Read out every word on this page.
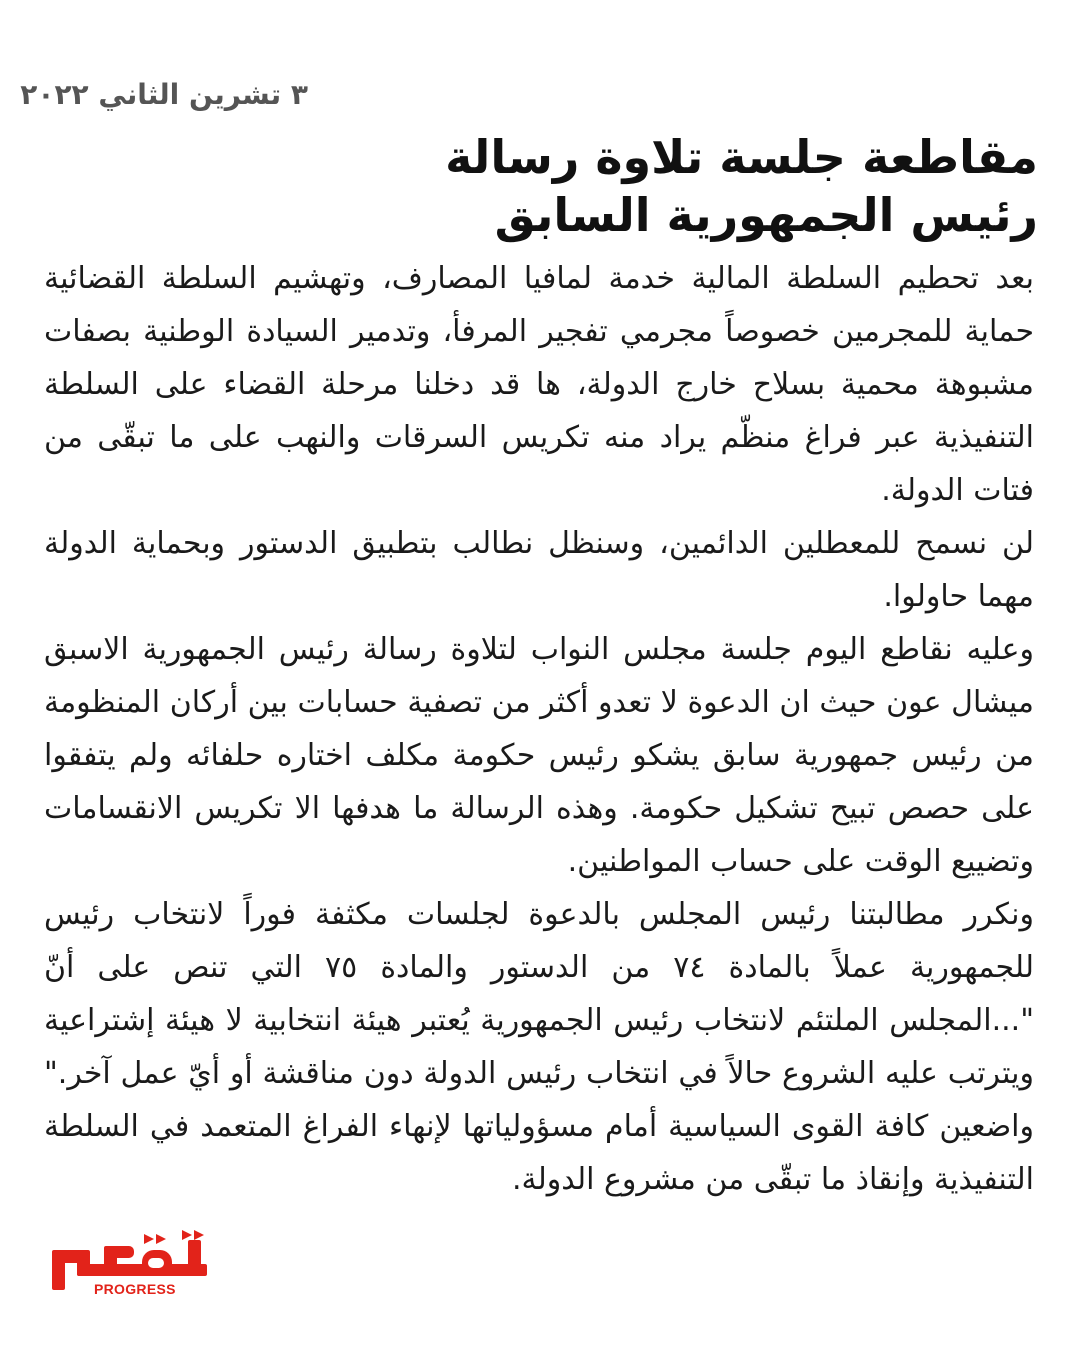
٣ تشرين الثاني ٢٠٢٢
مقاطعة جلسة تلاوة رسالة
رئيس الجمهورية السابق

بعد تحطيم السلطة المالية خدمة لمافيا المصارف، وتهشيم السلطة القضائية حماية للمجرمين خصوصاً مجرمي تفجير المرفأ، وتدمير السيادة الوطنية بصفات مشبوهة محمية بسلاح خارج الدولة، ها قد دخلنا مرحلة القضاء على السلطة التنفيذية عبر فراغ منظّم يراد منه تكريس السرقات والنهب على ما تبقّى من فتات الدولة.

لن نسمح للمعطلين الدائمين، وسنظل نطالب بتطبيق الدستور وبحماية الدولة مهما حاولوا.

وعليه نقاطع اليوم جلسة مجلس النواب لتلاوة رسالة رئيس الجمهورية الاسبق ميشال عون حيث ان الدعوة لا تعدو أكثر من تصفية حسابات بين أركان المنظومة من رئيس جمهورية سابق يشكو رئيس حكومة مكلف اختاره حلفائه ولم يتفقوا على حصص تبيح تشكيل حكومة. وهذه الرسالة ما هدفها الا تكريس الانقسامات وتضييع الوقت على حساب المواطنين.

ونكرر مطالبتنا رئيس المجلس بالدعوة لجلسات مكثفة فوراً لانتخاب رئيس للجمهورية عملاً بالمادة ٧٤ من الدستور والمادة ٧٥ التي تنص على أنّ "...المجلس الملتئم لانتخاب رئيس الجمهورية يُعتبر هيئة انتخابية لا هيئة إشتراعية ويترتب عليه الشروع حالاً في انتخاب رئيس الدولة دون مناقشة أو أيّ عمل آخر." واضعين كافة القوى السياسية أمام مسؤولياتها لإنهاء الفراغ المتعمد في السلطة التنفيذية وإنقاذ ما تبقّى من مشروع الدولة.

PROGRESS
